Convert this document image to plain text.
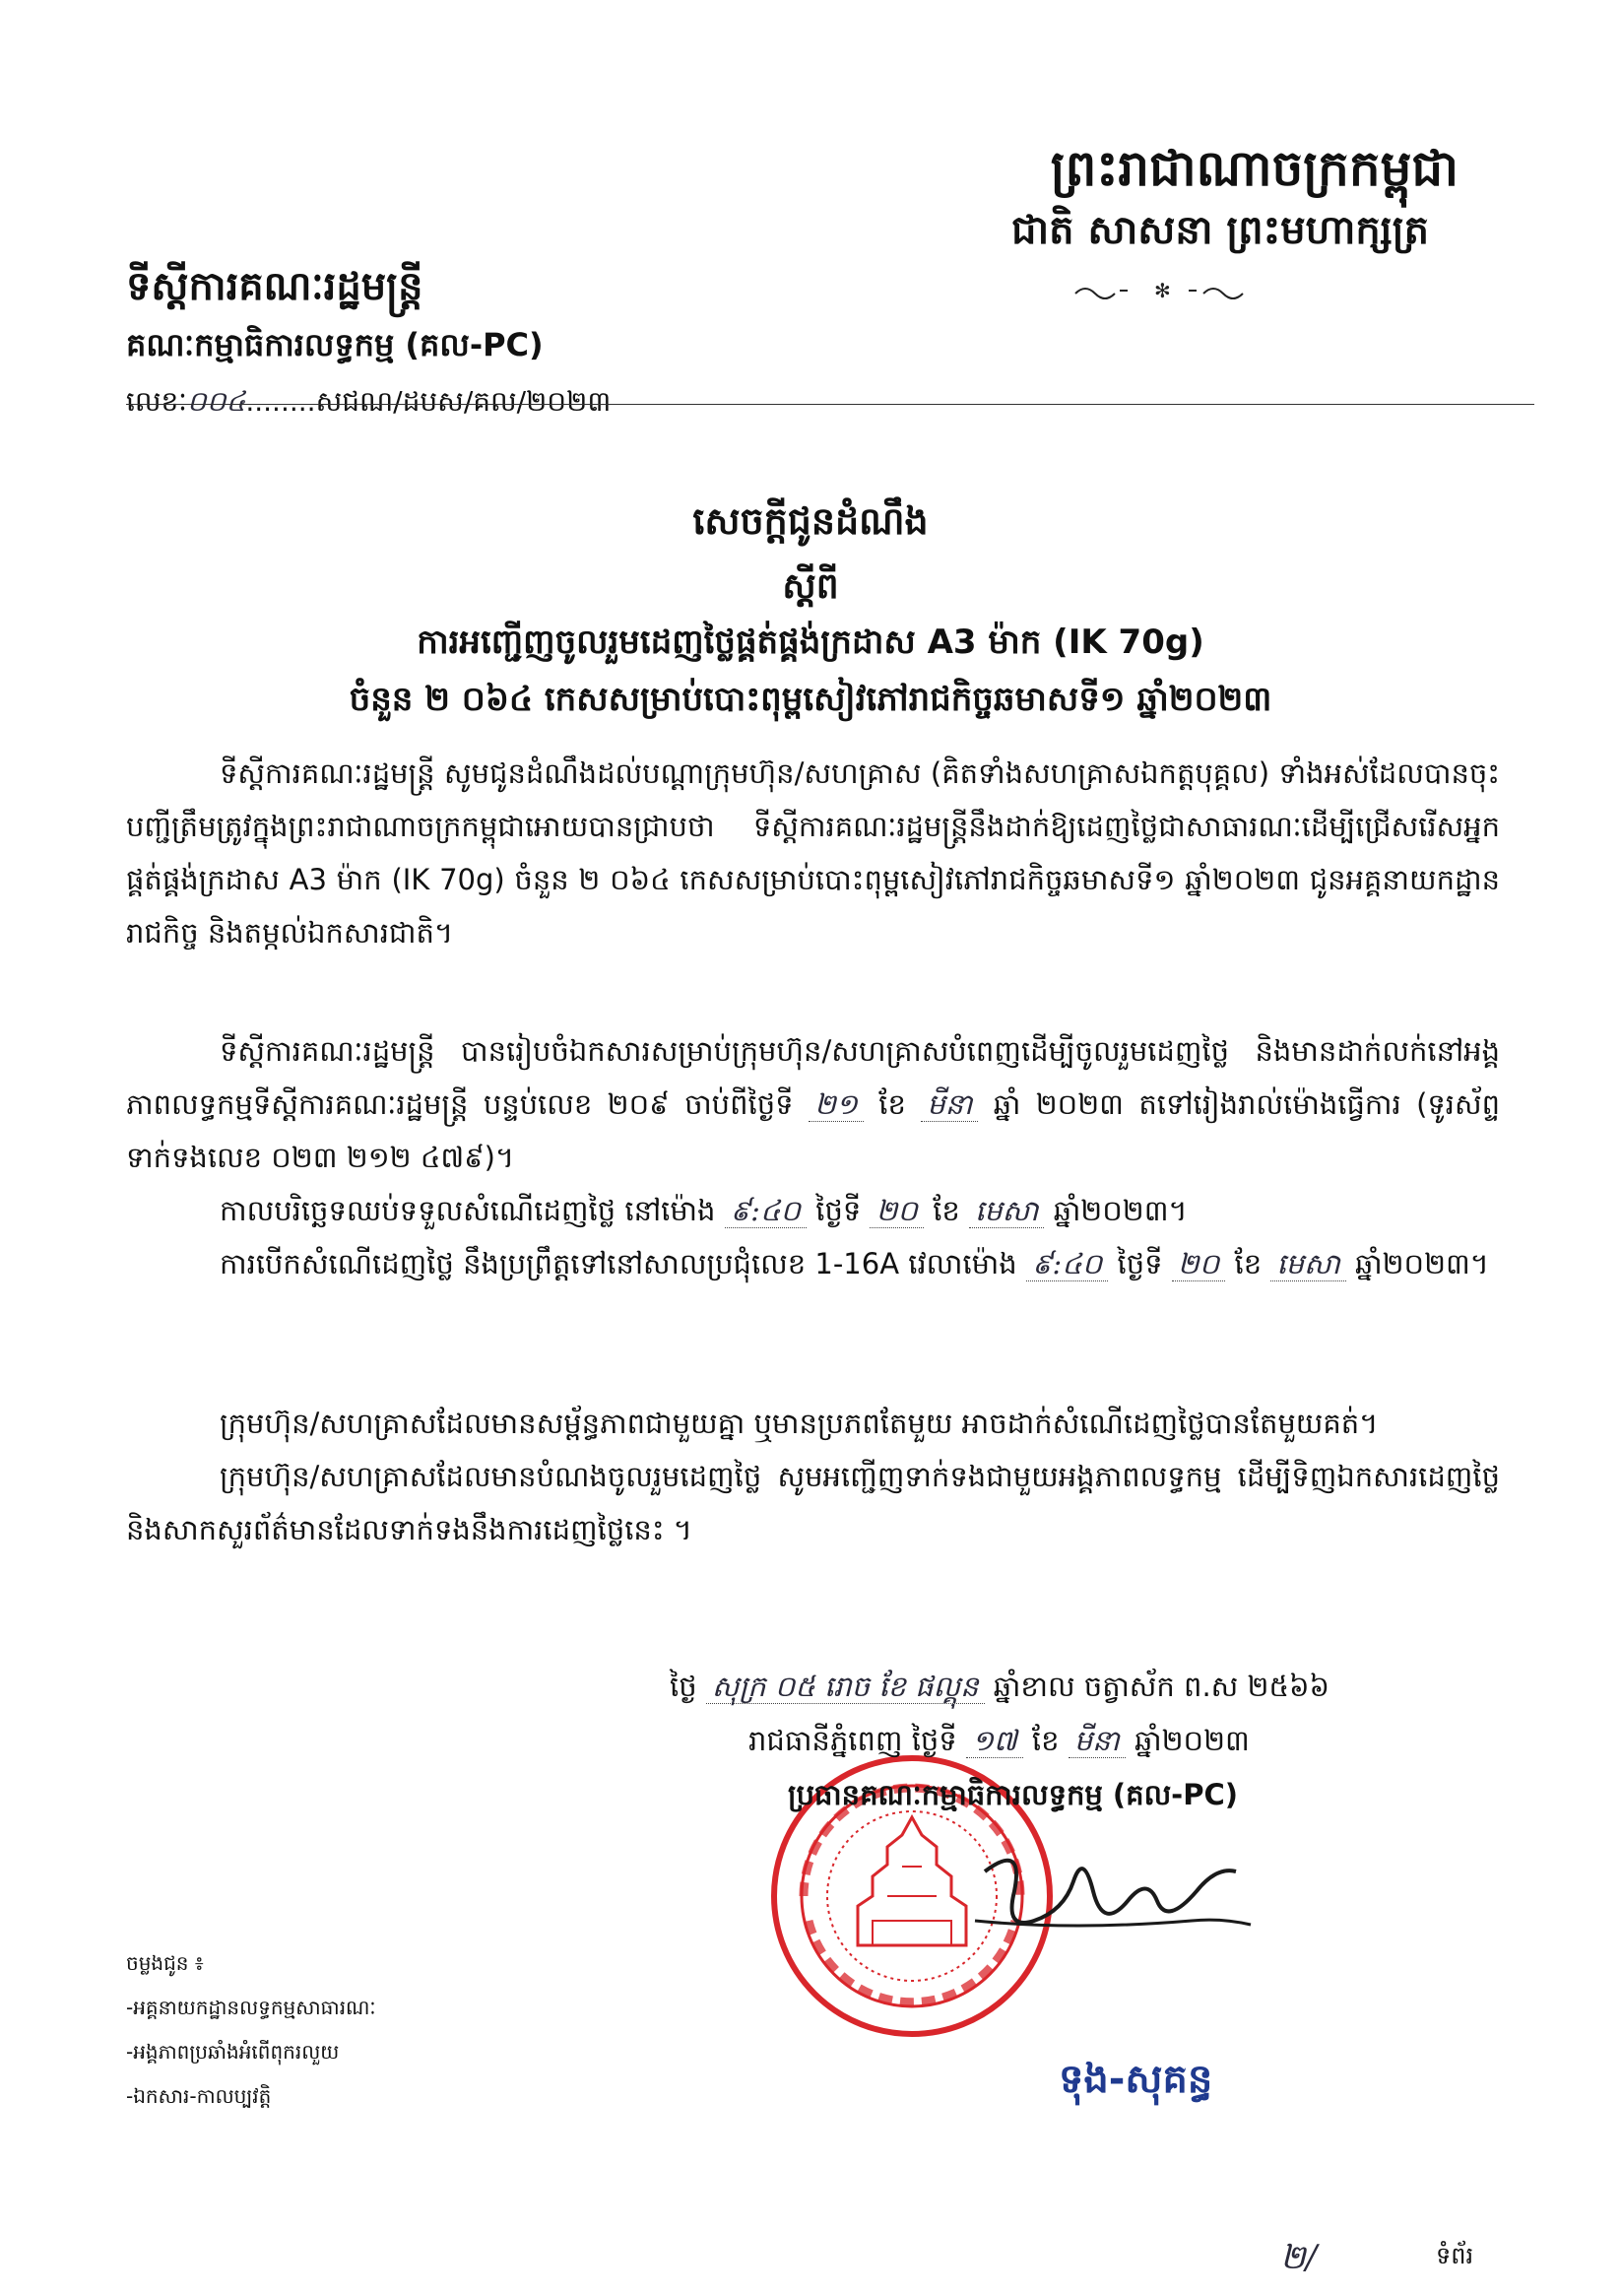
ព្រះរាជាណាចក្រកម្ពុជា
ជាតិ សាសនា ព្រះមហាក្សត្រ
✻
ទីស្ដីការគណៈរដ្ឋមន្ត្រី
គណៈកម្មាធិការលទ្ធកម្ម (គល-PC)
លេខៈ០០៤........សជណ/ដបស/គល/២០២៣
សេចក្ដីជូនដំណឹង
ស្ដីពី
ការអញ្ជើញចូលរួមដេញថ្លៃផ្គត់ផ្គង់ក្រដាស A3 ម៉ាក (IK 70g)
ចំនួន ២ ០៦៤ កេសសម្រាប់បោះពុម្ពសៀវភៅរាជកិច្ចឆមាសទី១ ឆ្នាំ២០២៣

ទីស្ដីការគណៈរដ្ឋមន្ត្រី សូមជូនដំណឹងដល់បណ្ដាក្រុមហ៊ុន/សហគ្រាស (គិតទាំងសហគ្រាសឯកត្តបុគ្គល) ទាំងអស់ដែលបានចុះបញ្ជីត្រឹមត្រូវក្នុងព្រះរាជាណាចក្រកម្ពុជាអោយបានជ្រាបថា ទីស្ដីការគណៈរដ្ឋមន្ត្រីនឹងដាក់ឱ្យដេញថ្លៃជាសាធារណៈដើម្បីជ្រើសរើសអ្នកផ្គត់ផ្គង់ក្រដាស A3 ម៉ាក (IK 70g) ចំនួន ២ ០៦៤ កេសសម្រាប់បោះពុម្ពសៀវភៅរាជកិច្ចឆមាសទី១ ឆ្នាំ២០២៣ ជូនអគ្គនាយកដ្ឋានរាជកិច្ច និងតម្កល់ឯកសារជាតិ។

ទីស្ដីការគណៈរដ្ឋមន្ត្រី បានរៀបចំឯកសារសម្រាប់ក្រុមហ៊ុន/សហគ្រាសបំពេញដើម្បីចូលរួមដេញថ្លៃ និងមានដាក់លក់នៅអង្គភាពលទ្ធកម្មទីស្ដីការគណៈរដ្ឋមន្ត្រី បន្ទប់លេខ ២០៩ ចាប់ពីថ្ងៃទី ២១ ខែ មីនា ឆ្នាំ ២០២៣ តទៅរៀងរាល់ម៉ោងធ្វើការ (ទូរស័ព្ទទាក់ទងលេខ ០២៣ ២១២ ៤៧៩)។

កាលបរិច្ឆេទឈប់ទទួលសំណើដេញថ្លៃ នៅម៉ោង ៩:៤០ ថ្ងៃទី ២០ ខែ មេសា ឆ្នាំ២០២៣។

ការបើកសំណើដេញថ្លៃ នឹងប្រព្រឹត្តទៅនៅសាលប្រជុំលេខ 1-16A វេលាម៉ោង ៩:៤០ ថ្ងៃទី ២០ ខែ មេសា ឆ្នាំ២០២៣។

ក្រុមហ៊ុន/សហគ្រាសដែលមានសម្ព័ន្ធភាពជាមួយគ្នា ឬមានប្រភពតែមួយ អាចដាក់សំណើដេញថ្លៃបានតែមួយគត់។

ក្រុមហ៊ុន/សហគ្រាសដែលមានបំណងចូលរួមដេញថ្លៃ សូមអញ្ជើញទាក់ទងជាមួយអង្គភាពលទ្ធកម្ម ដើម្បីទិញឯកសារដេញថ្លៃ និងសាកសួរព័ត៌មានដែលទាក់ទងនឹងការដេញថ្លៃនេះ ។

ថ្ងៃ សុក្រ ០៥ រោច ខែ ផល្គុន ឆ្នាំខាល ចត្វាស័ក ព.ស ២៥៦៦
រាជធានីភ្នំពេញ ថ្ងៃទី ១៧ ខែ មីនា ឆ្នាំ២០២៣
ប្រធានគណៈកម្មាធិការលទ្ធកម្ម (គល-PC)
ទុង-សុគន្ធ
ចម្លងជូន ៖
-អគ្គនាយកដ្ឋានលទ្ធកម្មសាធារណៈ
-អង្គភាពប្រឆាំងអំពើពុករលួយ
-ឯកសារ-កាលប្បវត្តិ
២/	ទំព័រ
